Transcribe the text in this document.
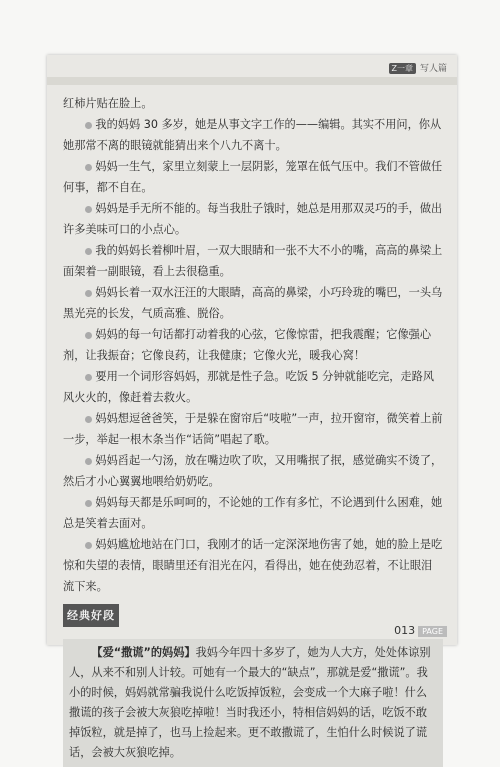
Z一章 写人篇

红柿片贴在脸上。

我的妈妈 30 多岁，她是从事文字工作的——编辑。其实不用问，你从她那常不离的眼镜就能猜出来个八九不离十。

妈妈一生气，家里立刻蒙上一层阴影，笼罩在低气压中。我们不管做任何事，都不自在。

妈妈是手无所不能的。每当我肚子饿时，她总是用那双灵巧的手，做出许多美味可口的小点心。

我的妈妈长着柳叶眉，一双大眼睛和一张不大不小的嘴，高高的鼻梁上面架着一副眼镜，看上去很稳重。

妈妈长着一双水汪汪的大眼睛，高高的鼻梁，小巧玲珑的嘴巴，一头乌黑光亮的长发，气质高雅、脱俗。

妈妈的每一句话都打动着我的心弦，它像惊雷，把我震醒；它像强心剂，让我振奋；它像良药，让我健康；它像火光，暖我心窝！

要用一个词形容妈妈，那就是性子急。吃饭 5 分钟就能吃完，走路风风火火的，像赶着去救火。

妈妈想逗爸爸笑，于是躲在窗帘后“吱啦”一声，拉开窗帘，微笑着上前一步，举起一根木条当作“话筒”唱起了歌。

妈妈舀起一勺汤，放在嘴边吹了吹，又用嘴抿了抿，感觉确实不烫了，然后才小心翼翼地喂给奶奶吃。

妈妈每天都是乐呵呵的，不论她的工作有多忙，不论遇到什么困难，她总是笑着去面对。

妈妈尴尬地站在门口，我刚才的话一定深深地伤害了她，她的脸上是吃惊和失望的表情，眼睛里还有泪光在闪，看得出，她在使劲忍着，不让眼泪流下来。

经典好段

【爱“撒谎”的妈妈】我妈今年四十多岁了，她为人大方，处处体谅别人，从来不和别人计较。可她有一个最大的“缺点”，那就是爱“撒谎”。我小的时候，妈妈就常骗我说什么吃饭掉饭粒，会变成一个大麻子啦！什么撒谎的孩子会被大灰狼吃掉啦！当时我还小，特相信妈妈的话，吃饭不敢掉饭粒，就是掉了，也马上捡起来。更不敢撒谎了，生怕什么时候说了谎话，会被大灰狼吃掉。

013 PAGE
